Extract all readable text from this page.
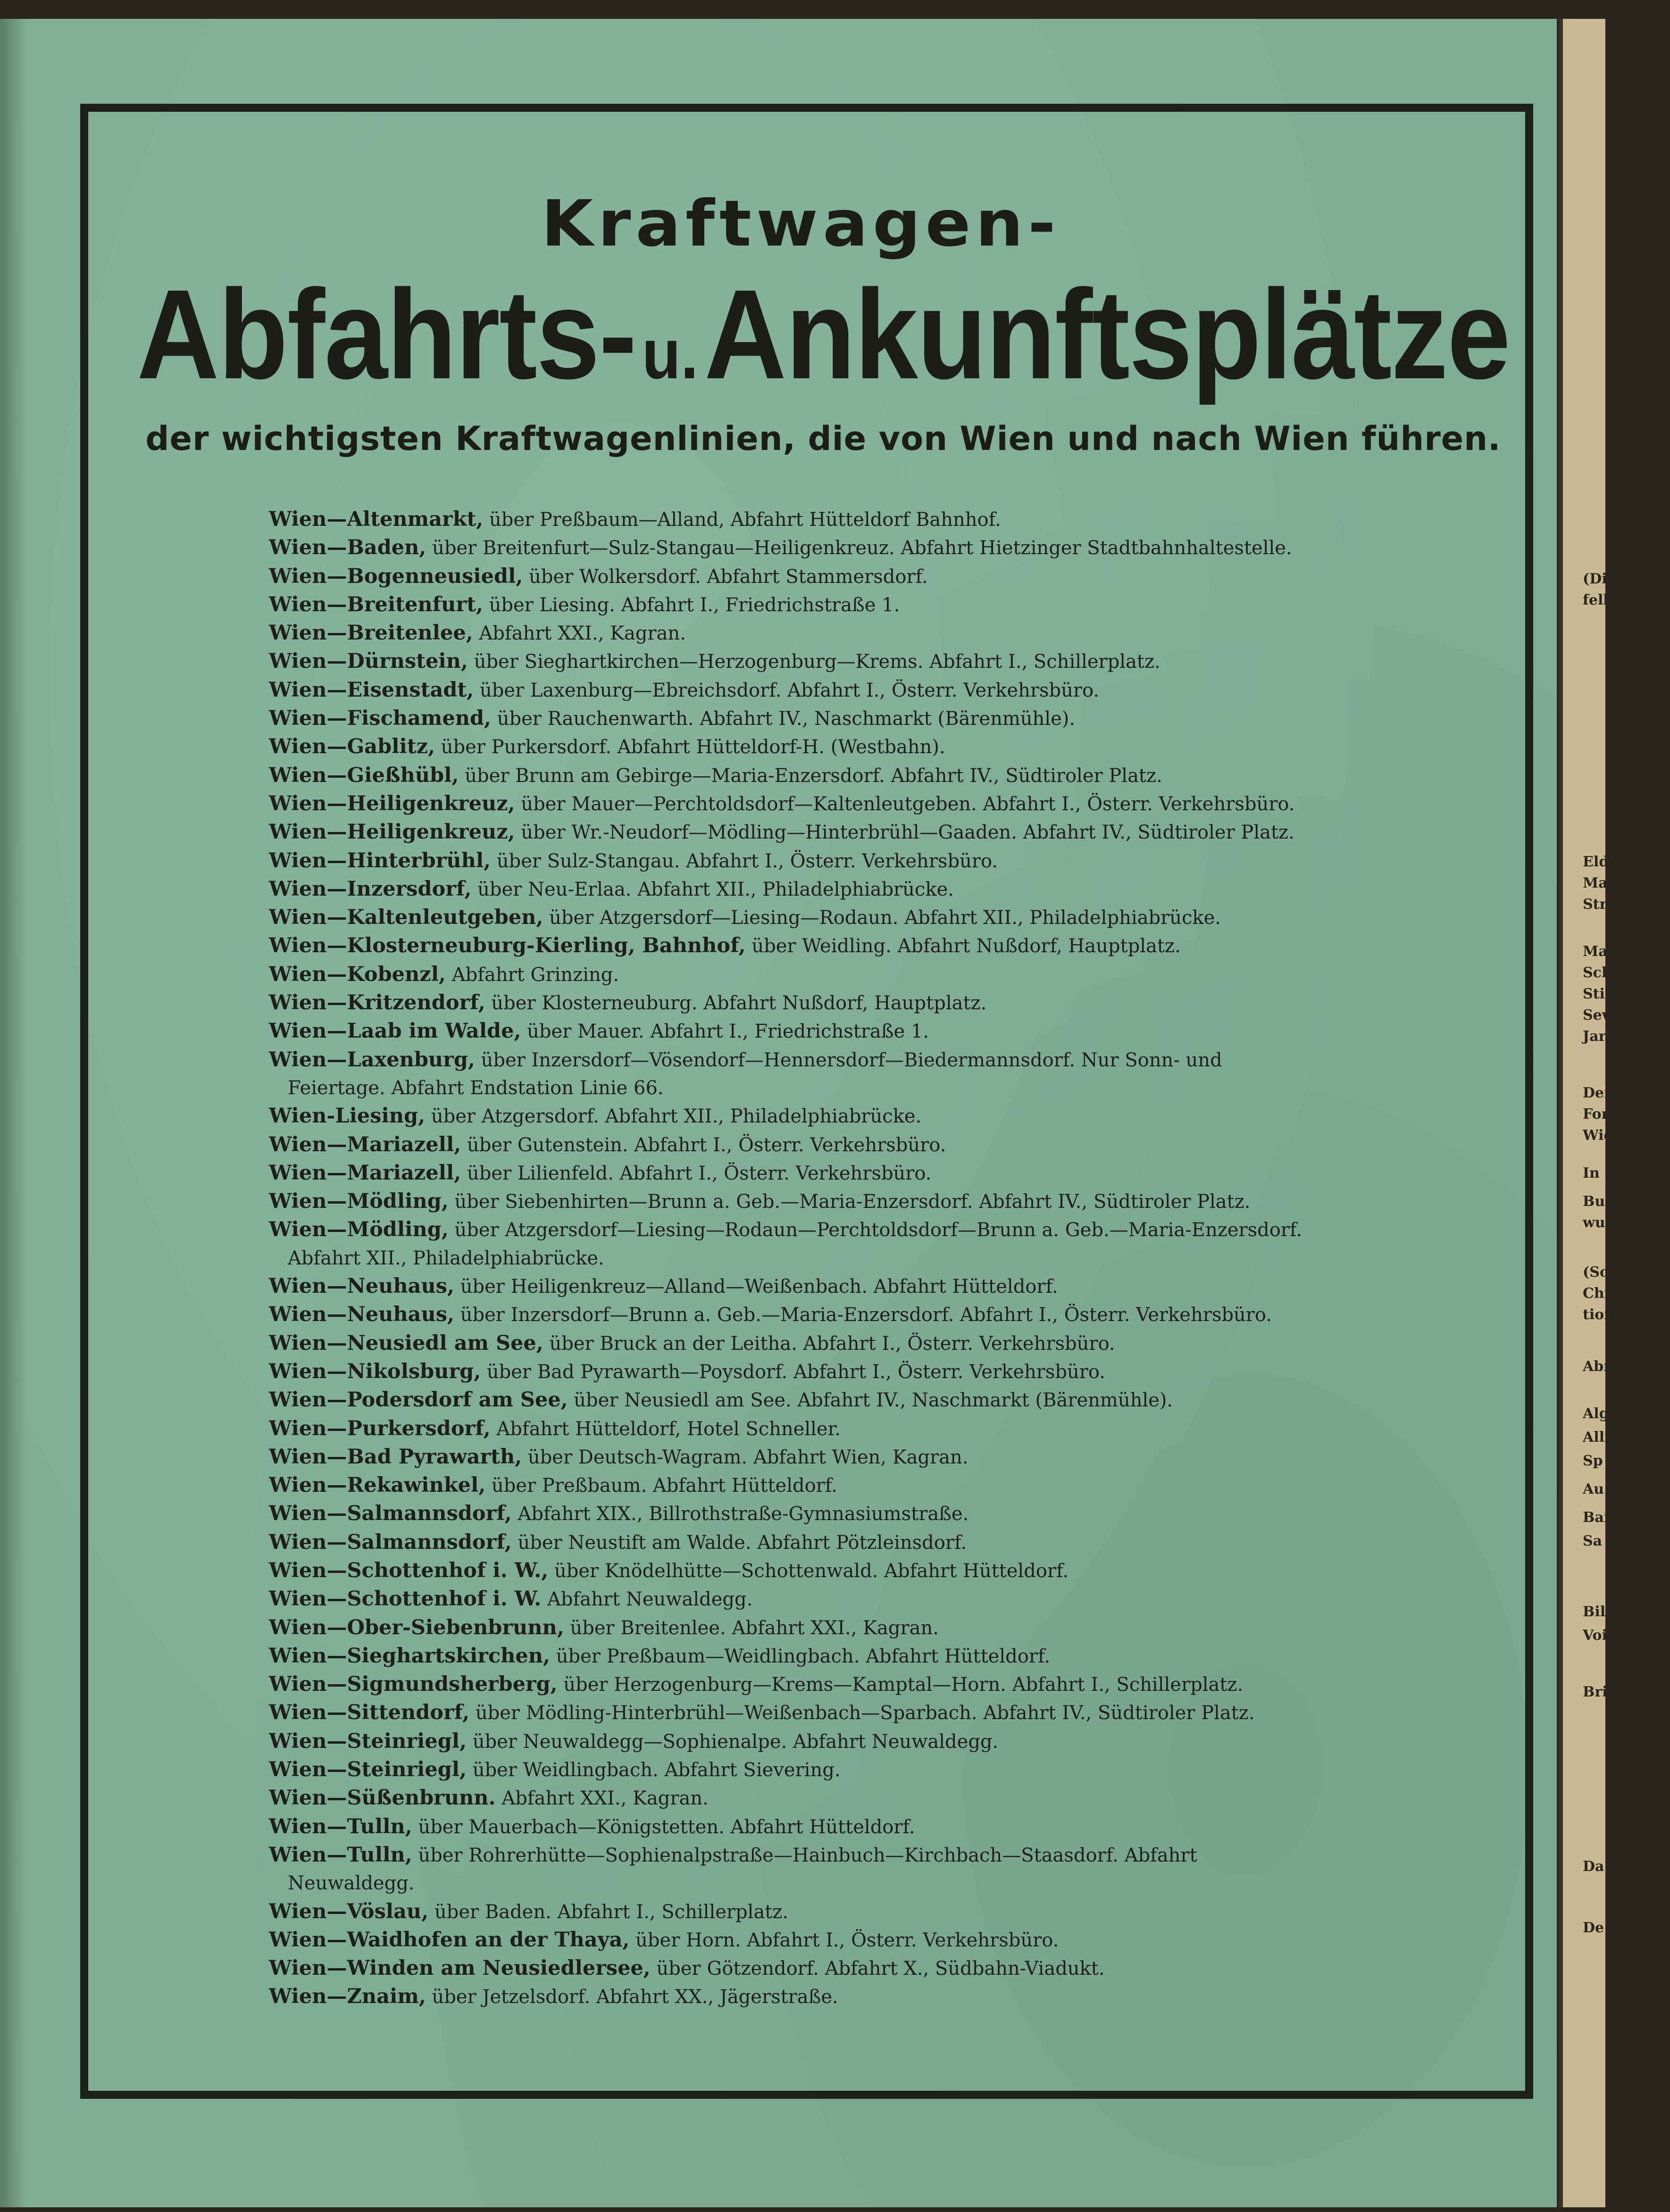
(Di
felb
Elde
Man
Stre
Mar
Sch
Stil
Sev
Jar
Den
Fort
Wie
In
Bur
wur
(So
Chr
tion
Abr
Alg
Alli
Sp
Au
Bai
Sa
Bil
Voi
Bri
Da
De
Kraftwagen-
Abfahrts-u.Ankunftsplätze
der wichtigsten Kraftwagenlinien, die von Wien und nach Wien führen.
Wien—Altenmarkt, über Preßbaum—Alland, Abfahrt Hütteldorf Bahnhof.
Wien—Baden, über Breitenfurt—Sulz-Stangau—Heiligenkreuz. Abfahrt Hietzinger Stadtbahnhaltestelle.
Wien—Bogenneusiedl, über Wolkersdorf. Abfahrt Stammersdorf.
Wien—Breitenfurt, über Liesing. Abfahrt I., Friedrichstraße 1.
Wien—Breitenlee, Abfahrt XXI., Kagran.
Wien—Dürnstein, über Sieghartkirchen—Herzogenburg—Krems. Abfahrt I., Schillerplatz.
Wien—Eisenstadt, über Laxenburg—Ebreichsdorf. Abfahrt I., Österr. Verkehrsbüro.
Wien—Fischamend, über Rauchenwarth. Abfahrt IV., Naschmarkt (Bärenmühle).
Wien—Gablitz, über Purkersdorf. Abfahrt Hütteldorf-H. (Westbahn).
Wien—Gießhübl, über Brunn am Gebirge—Maria-Enzersdorf. Abfahrt IV., Südtiroler Platz.
Wien—Heiligenkreuz, über Mauer—Perchtoldsdorf—Kaltenleutgeben. Abfahrt I., Österr. Verkehrsbüro.
Wien—Heiligenkreuz, über Wr.-Neudorf—Mödling—Hinterbrühl—Gaaden. Abfahrt IV., Südtiroler Platz.
Wien—Hinterbrühl, über Sulz-Stangau. Abfahrt I., Österr. Verkehrsbüro.
Wien—Inzersdorf, über Neu-Erlaa. Abfahrt XII., Philadelphiabrücke.
Wien—Kaltenleutgeben, über Atzgersdorf—Liesing—Rodaun. Abfahrt XII., Philadelphiabrücke.
Wien—Klosterneuburg-Kierling, Bahnhof, über Weidling. Abfahrt Nußdorf, Hauptplatz.
Wien—Kobenzl, Abfahrt Grinzing.
Wien—Kritzendorf, über Klosterneuburg. Abfahrt Nußdorf, Hauptplatz.
Wien—Laab im Walde, über Mauer. Abfahrt I., Friedrichstraße 1.
Wien—Laxenburg, über Inzersdorf—Vösendorf—Hennersdorf—Biedermannsdorf. Nur Sonn- und
Feiertage. Abfahrt Endstation Linie 66.
Wien-Liesing, über Atzgersdorf. Abfahrt XII., Philadelphiabrücke.
Wien—Mariazell, über Gutenstein. Abfahrt I., Österr. Verkehrsbüro.
Wien—Mariazell, über Lilienfeld. Abfahrt I., Österr. Verkehrsbüro.
Wien—Mödling, über Siebenhirten—Brunn a. Geb.—Maria-Enzersdorf. Abfahrt IV., Südtiroler Platz.
Wien—Mödling, über Atzgersdorf—Liesing—Rodaun—Perchtoldsdorf—Brunn a. Geb.—Maria-Enzersdorf.
Abfahrt XII., Philadelphiabrücke.
Wien—Neuhaus, über Heiligenkreuz—Alland—Weißenbach. Abfahrt Hütteldorf.
Wien—Neuhaus, über Inzersdorf—Brunn a. Geb.—Maria-Enzersdorf. Abfahrt I., Österr. Verkehrsbüro.
Wien—Neusiedl am See, über Bruck an der Leitha. Abfahrt I., Österr. Verkehrsbüro.
Wien—Nikolsburg, über Bad Pyrawarth—Poysdorf. Abfahrt I., Österr. Verkehrsbüro.
Wien—Podersdorf am See, über Neusiedl am See. Abfahrt IV., Naschmarkt (Bärenmühle).
Wien—Purkersdorf, Abfahrt Hütteldorf, Hotel Schneller.
Wien—Bad Pyrawarth, über Deutsch-Wagram. Abfahrt Wien, Kagran.
Wien—Rekawinkel, über Preßbaum. Abfahrt Hütteldorf.
Wien—Salmannsdorf, Abfahrt XIX., Billrothstraße-Gymnasiumstraße.
Wien—Salmannsdorf, über Neustift am Walde. Abfahrt Pötzleinsdorf.
Wien—Schottenhof i. W., über Knödelhütte—Schottenwald. Abfahrt Hütteldorf.
Wien—Schottenhof i. W. Abfahrt Neuwaldegg.
Wien—Ober-Siebenbrunn, über Breitenlee. Abfahrt XXI., Kagran.
Wien—Sieghartskirchen, über Preßbaum—Weidlingbach. Abfahrt Hütteldorf.
Wien—Sigmundsherberg, über Herzogenburg—Krems—Kamptal—Horn. Abfahrt I., Schillerplatz.
Wien—Sittendorf, über Mödling-Hinterbrühl—Weißenbach—Sparbach. Abfahrt IV., Südtiroler Platz.
Wien—Steinriegl, über Neuwaldegg—Sophienalpe. Abfahrt Neuwaldegg.
Wien—Steinriegl, über Weidlingbach. Abfahrt Sievering.
Wien—Süßenbrunn. Abfahrt XXI., Kagran.
Wien—Tulln, über Mauerbach—Königstetten. Abfahrt Hütteldorf.
Wien—Tulln, über Rohrerhütte—Sophienalpstraße—Hainbuch—Kirchbach—Staasdorf. Abfahrt
Neuwaldegg.
Wien—Vöslau, über Baden. Abfahrt I., Schillerplatz.
Wien—Waidhofen an der Thaya, über Horn. Abfahrt I., Österr. Verkehrsbüro.
Wien—Winden am Neusiedlersee, über Götzendorf. Abfahrt X., Südbahn-Viadukt.
Wien—Znaim, über Jetzelsdorf. Abfahrt XX., Jägerstraße.
